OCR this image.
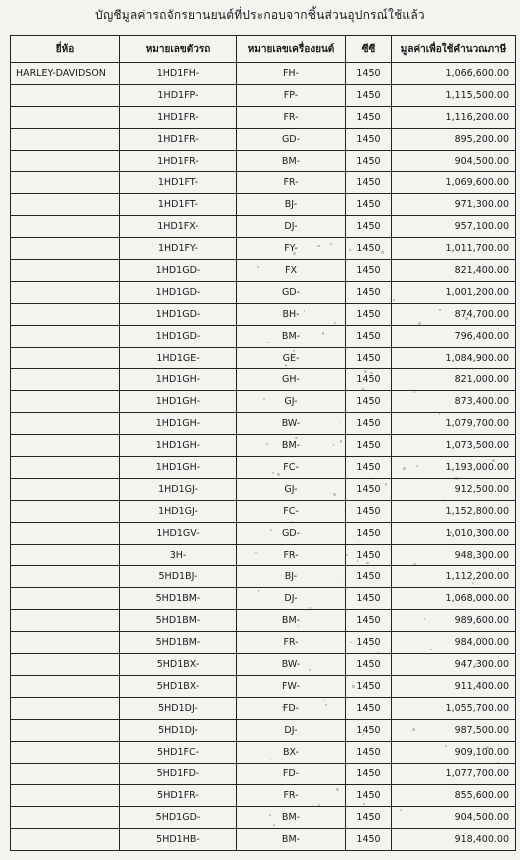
บัญชีมูลค่ารถจักรยานยนต์ที่ประกอบจากชิ้นส่วนอุปกรณ์ใช้แล้ว
ยี่ห้อ	หมายเลขตัวรถ	หมายเลขเครื่องยนต์	ซีซี	มูลค่าเพื่อใช้คำนวณภาษี
HARLEY-DAVIDSON	1HD1FH-	FH-	1450	1,066,600.00
	1HD1FP-	FP-	1450	1,115,500.00
	1HD1FR-	FR-	1450	1,116,200.00
	1HD1FR-	GD-	1450	895,200.00
	1HD1FR-	BM-	1450	904,500.00
	1HD1FT-	FR-	1450	1,069,600.00
	1HD1FT-	BJ-	1450	971,300.00
	1HD1FX-	DJ-	1450	957,100.00
	1HD1FY-	FY-	1450	1,011,700.00
	1HD1GD-	FX	1450	821,400.00
	1HD1GD-	GD-	1450	1,001,200.00
	1HD1GD-	BH-	1450	874,700.00
	1HD1GD-	BM-	1450	796,400.00
	1HD1GE-	GE-	1450	1,084,900.00
	1HD1GH-	GH-	1450	821,000.00
	1HD1GH-	GJ-	1450	873,400.00
	1HD1GH-	BW-	1450	1,079,700.00
	1HD1GH-	BM-	1450	1,073,500.00
	1HD1GH-	FC-	1450	1,193,000.00
	1HD1GJ-	GJ-	1450	912,500.00
	1HD1GJ-	FC-	1450	1,152,800.00
	1HD1GV-	GD-	1450	1,010,300.00
	3H-	FR-	1450	948,300.00
	5HD1BJ-	BJ-	1450	1,112,200.00
	5HD1BM-	DJ-	1450	1,068,000.00
	5HD1BM-	BM-	1450	989,600.00
	5HD1BM-	FR-	1450	984,000.00
	5HD1BX-	BW-	1450	947,300.00
	5HD1BX-	FW-	1450	911,400.00
	5HD1DJ-	FD-	1450	1,055,700.00
	5HD1DJ-	DJ-	1450	987,500.00
	5HD1FC-	BX-	1450	909,100.00
	5HD1FD-	FD-	1450	1,077,700.00
	5HD1FR-	FR-	1450	855,600.00
	5HD1GD-	BM-	1450	904,500.00
	5HD1HB-	BM-	1450	918,400.00
